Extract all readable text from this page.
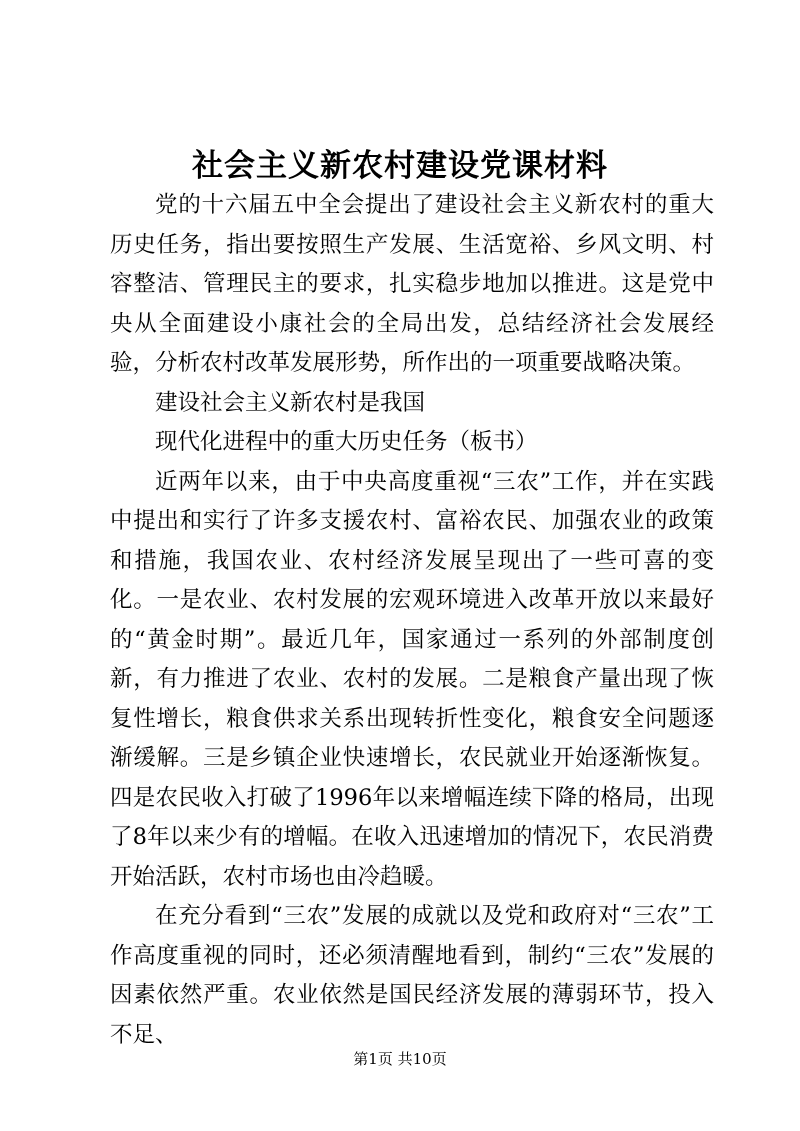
社会主义新农村建设党课材料

党的十六届五中全会提出了建设社会主义新农村的重大历史任务，指出要按照生产发展、生活宽裕、乡风文明、村容整洁、管理民主的要求，扎实稳步地加以推进。这是党中央从全面建设小康社会的全局出发，总结经济社会发展经验，分析农村改革发展形势，所作出的一项重要战略决策。

建设社会主义新农村是我国

现代化进程中的重大历史任务（板书）

近两年以来，由于中央高度重视“三农”工作，并在实践中提出和实行了许多支援农村、富裕农民、加强农业的政策和措施，我国农业、农村经济发展呈现出了一些可喜的变化。一是农业、农村发展的宏观环境进入改革开放以来最好的“黄金时期”。最近几年，国家通过一系列的外部制度创新，有力推进了农业、农村的发展。二是粮食产量出现了恢复性增长，粮食供求关系出现转折性变化，粮食安全问题逐渐缓解。三是乡镇企业快速增长，农民就业开始逐渐恢复。四是农民收入打破了1996年以来增幅连续下降的格局，出现了8年以来少有的增幅。在收入迅速增加的情况下，农民消费开始活跃，农村市场也由冷趋暖。

在充分看到“三农”发展的成就以及党和政府对“三农”工作高度重视的同时，还必须清醒地看到，制约“三农”发展的因素依然严重。农业依然是国民经济发展的薄弱环节，投入不足、

第1页 共10页
